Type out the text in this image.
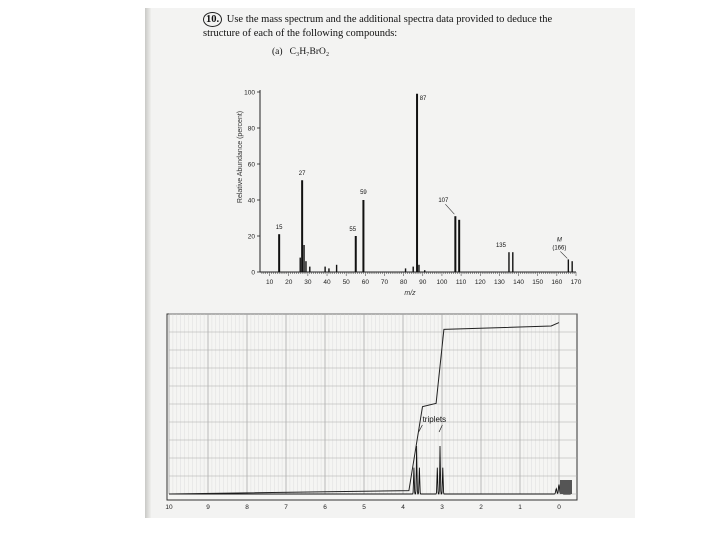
10. Use the mass spectrum and the additional spectra data provided to deduce the structure of each of the following compounds:
(a) C₃H₇BrO₂
Relative Abundance (percent)
10 20 30 40 50 60 70 80 90 100 110 120 130 140 150 160 170
0
20
40
60
80
100
15
27
55
59
87
107
135
M
(166)
m/z
10	9	8	7	6	5	4	3	2	1	0
triplets
